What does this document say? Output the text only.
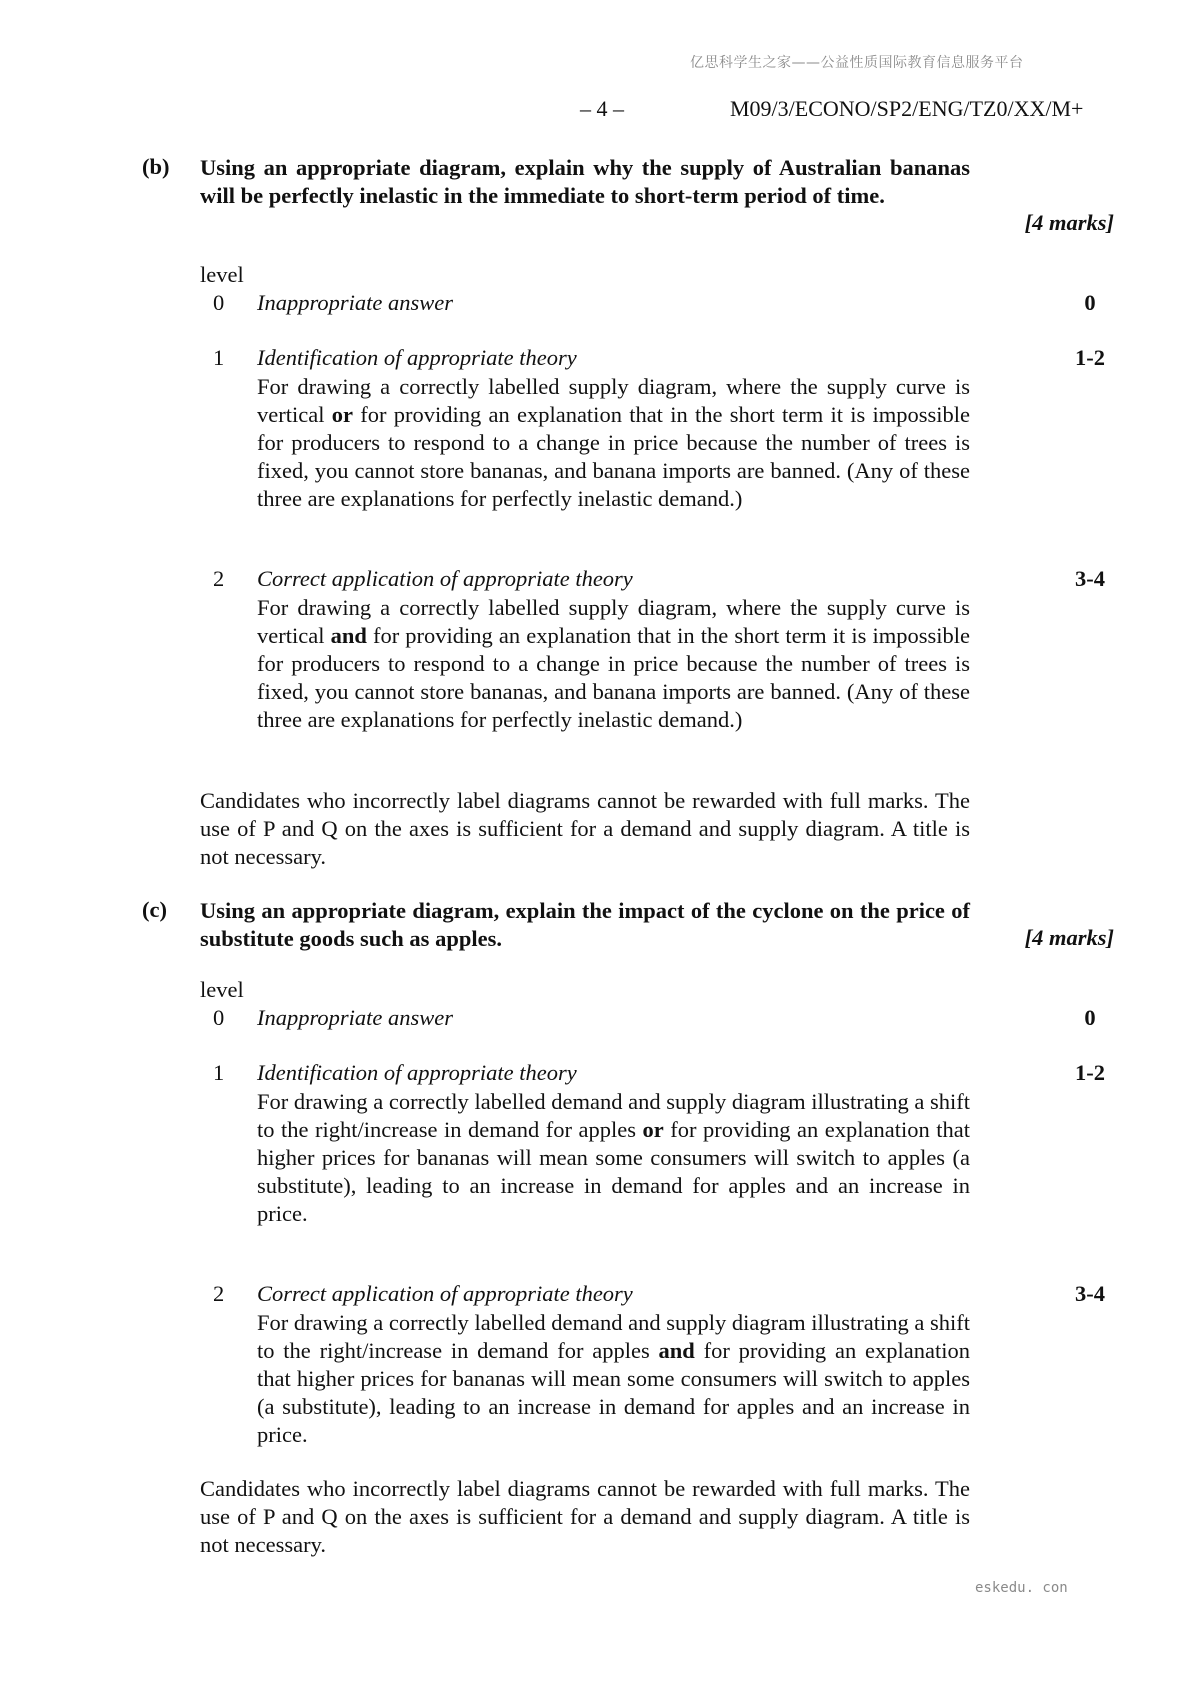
亿思科学生之家——公益性质国际教育信息服务平台
– 4 –	M09/3/ECONO/SP2/ENG/TZ0/XX/M+
(b) Using an appropriate diagram, explain why the supply of Australian bananas will be perfectly inelastic in the immediate to short-term period of time.
[4 marks]
level
0 Inappropriate answer	0
1 Identification of appropriate theory	1-2
For drawing a correctly labelled supply diagram, where the supply curve is vertical or for providing an explanation that in the short term it is impossible for producers to respond to a change in price because the number of trees is fixed, you cannot store bananas, and banana imports are banned. (Any of these three are explanations for perfectly inelastic demand.)
2 Correct application of appropriate theory	3-4
For drawing a correctly labelled supply diagram, where the supply curve is vertical and for providing an explanation that in the short term it is impossible for producers to respond to a change in price because the number of trees is fixed, you cannot store bananas, and banana imports are banned. (Any of these three are explanations for perfectly inelastic demand.)
Candidates who incorrectly label diagrams cannot be rewarded with full marks. The use of P and Q on the axes is sufficient for a demand and supply diagram. A title is not necessary.
(c) Using an appropriate diagram, explain the impact of the cyclone on the price of substitute goods such as apples.	[4 marks]
level
0 Inappropriate answer	0
1 Identification of appropriate theory	1-2
For drawing a correctly labelled demand and supply diagram illustrating a shift to the right/increase in demand for apples or for providing an explanation that higher prices for bananas will mean some consumers will switch to apples (a substitute), leading to an increase in demand for apples and an increase in price.
2 Correct application of appropriate theory	3-4
For drawing a correctly labelled demand and supply diagram illustrating a shift to the right/increase in demand for apples and for providing an explanation that higher prices for bananas will mean some consumers will switch to apples (a substitute), leading to an increase in demand for apples and an increase in price.
Candidates who incorrectly label diagrams cannot be rewarded with full marks. The use of P and Q on the axes is sufficient for a demand and supply diagram. A title is not necessary.
eskedu. con
